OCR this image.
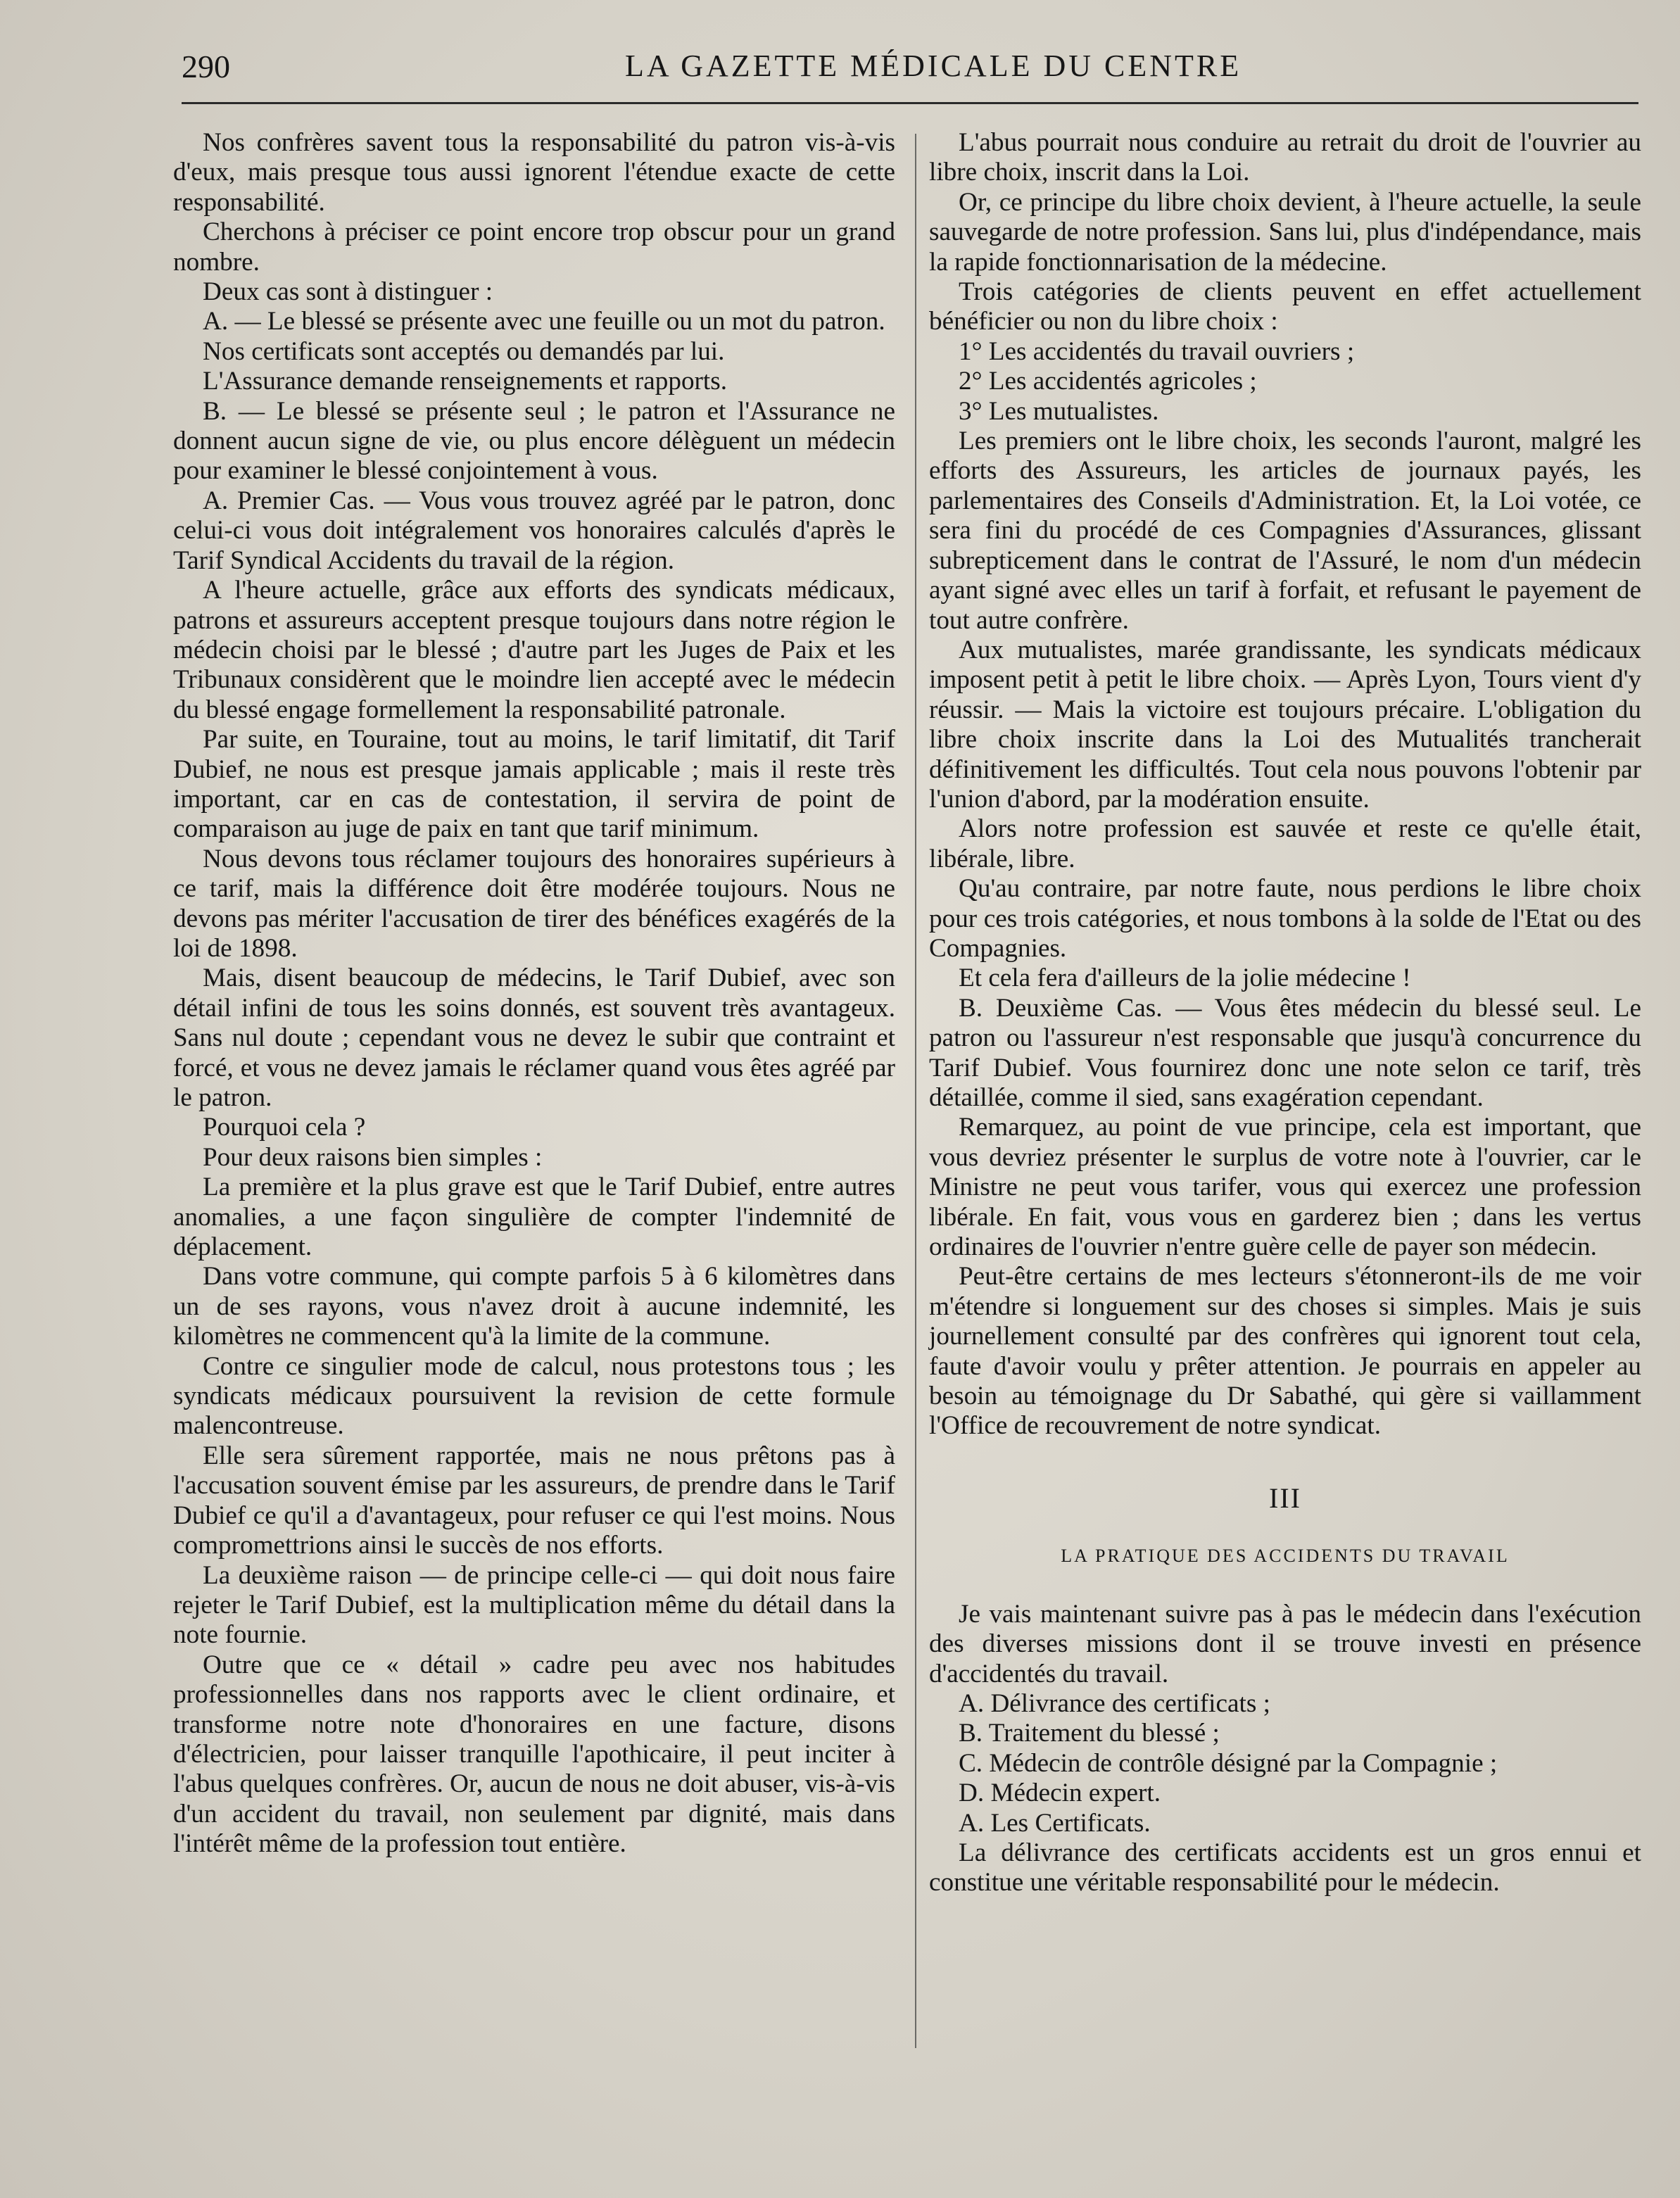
290	LA GAZETTE MÉDICALE DU CENTRE

Nos confrères savent tous la responsabilité du patron vis-à-vis d'eux, mais presque tous aussi ignorent l'étendue exacte de cette responsabilité.

Cherchons à préciser ce point encore trop obscur pour un grand nombre.

Deux cas sont à distinguer :

A. — Le blessé se présente avec une feuille ou un mot du patron.

Nos certificats sont acceptés ou demandés par lui.

L'Assurance demande renseignements et rapports.

B. — Le blessé se présente seul ; le patron et l'Assurance ne donnent aucun signe de vie, ou plus encore délèguent un médecin pour examiner le blessé conjointement à vous.

A. Premier Cas. — Vous vous trouvez agréé par le patron, donc celui-ci vous doit intégralement vos honoraires calculés d'après le Tarif Syndical Accidents du travail de la région.

A l'heure actuelle, grâce aux efforts des syndicats médicaux, patrons et assureurs acceptent presque toujours dans notre région le médecin choisi par le blessé ; d'autre part les Juges de Paix et les Tribunaux considèrent que le moindre lien accepté avec le médecin du blessé engage formellement la responsabilité patronale.

Par suite, en Touraine, tout au moins, le tarif limitatif, dit Tarif Dubief, ne nous est presque jamais applicable ; mais il reste très important, car en cas de contestation, il servira de point de comparaison au juge de paix en tant que tarif minimum.

Nous devons tous réclamer toujours des honoraires supérieurs à ce tarif, mais la différence doit être modérée toujours. Nous ne devons pas mériter l'accusation de tirer des bénéfices exagérés de la loi de 1898.

Mais, disent beaucoup de médecins, le Tarif Dubief, avec son détail infini de tous les soins donnés, est souvent très avantageux. Sans nul doute ; cependant vous ne devez le subir que contraint et forcé, et vous ne devez jamais le réclamer quand vous êtes agréé par le patron.

Pourquoi cela ?

Pour deux raisons bien simples :

La première et la plus grave est que le Tarif Dubief, entre autres anomalies, a une façon singulière de compter l'indemnité de déplacement.

Dans votre commune, qui compte parfois 5 à 6 kilomètres dans un de ses rayons, vous n'avez droit à aucune indemnité, les kilomètres ne commencent qu'à la limite de la commune.

Contre ce singulier mode de calcul, nous protestons tous ; les syndicats médicaux poursuivent la revision de cette formule malencontreuse.

Elle sera sûrement rapportée, mais ne nous prêtons pas à l'accusation souvent émise par les assureurs, de prendre dans le Tarif Dubief ce qu'il a d'avantageux, pour refuser ce qui l'est moins. Nous compromettrions ainsi le succès de nos efforts.

La deuxième raison — de principe celle-ci — qui doit nous faire rejeter le Tarif Dubief, est la multiplication même du détail dans la note fournie.

Outre que ce « détail » cadre peu avec nos habitudes professionnelles dans nos rapports avec le client ordinaire, et transforme notre note d'honoraires en une facture, disons d'électricien, pour laisser tranquille l'apothicaire, il peut inciter à l'abus quelques confrères. Or, aucun de nous ne doit abuser, vis-à-vis d'un accident du travail, non seulement par dignité, mais dans l'intérêt même de la profession tout entière.

L'abus pourrait nous conduire au retrait du droit de l'ouvrier au libre choix, inscrit dans la Loi.

Or, ce principe du libre choix devient, à l'heure actuelle, la seule sauvegarde de notre profession. Sans lui, plus d'indépendance, mais la rapide fonctionnarisation de la médecine.

Trois catégories de clients peuvent en effet actuellement bénéficier ou non du libre choix :

1° Les accidentés du travail ouvriers ;

2° Les accidentés agricoles ;

3° Les mutualistes.

Les premiers ont le libre choix, les seconds l'auront, malgré les efforts des Assureurs, les articles de journaux payés, les parlementaires des Conseils d'Administration. Et, la Loi votée, ce sera fini du procédé de ces Compagnies d'Assurances, glissant subrepticement dans le contrat de l'Assuré, le nom d'un médecin ayant signé avec elles un tarif à forfait, et refusant le payement de tout autre confrère.

Aux mutualistes, marée grandissante, les syndicats médicaux imposent petit à petit le libre choix. — Après Lyon, Tours vient d'y réussir. — Mais la victoire est toujours précaire. L'obligation du libre choix inscrite dans la Loi des Mutualités trancherait définitivement les difficultés. Tout cela nous pouvons l'obtenir par l'union d'abord, par la modération ensuite.

Alors notre profession est sauvée et reste ce qu'elle était, libérale, libre.

Qu'au contraire, par notre faute, nous perdions le libre choix pour ces trois catégories, et nous tombons à la solde de l'Etat ou des Compagnies.

Et cela fera d'ailleurs de la jolie médecine !

B. Deuxième Cas. — Vous êtes médecin du blessé seul. Le patron ou l'assureur n'est responsable que jusqu'à concurrence du Tarif Dubief. Vous fournirez donc une note selon ce tarif, très détaillée, comme il sied, sans exagération cependant.

Remarquez, au point de vue principe, cela est important, que vous devriez présenter le surplus de votre note à l'ouvrier, car le Ministre ne peut vous tarifer, vous qui exercez une profession libérale. En fait, vous vous en garderez bien ; dans les vertus ordinaires de l'ouvrier n'entre guère celle de payer son médecin.

Peut-être certains de mes lecteurs s'étonneront-ils de me voir m'étendre si longuement sur des choses si simples. Mais je suis journellement consulté par des confrères qui ignorent tout cela, faute d'avoir voulu y prêter attention. Je pourrais en appeler au besoin au témoignage du Dr Sabathé, qui gère si vaillamment l'Office de recouvrement de notre syndicat.

III
LA PRATIQUE DES ACCIDENTS DU TRAVAIL

Je vais maintenant suivre pas à pas le médecin dans l'exécution des diverses missions dont il se trouve investi en présence d'accidentés du travail.

A. Délivrance des certificats ;

B. Traitement du blessé ;

C. Médecin de contrôle désigné par la Compagnie ;

D. Médecin expert.

A. Les Certificats.

La délivrance des certificats accidents est un gros ennui et constitue une véritable responsabilité pour le médecin.
